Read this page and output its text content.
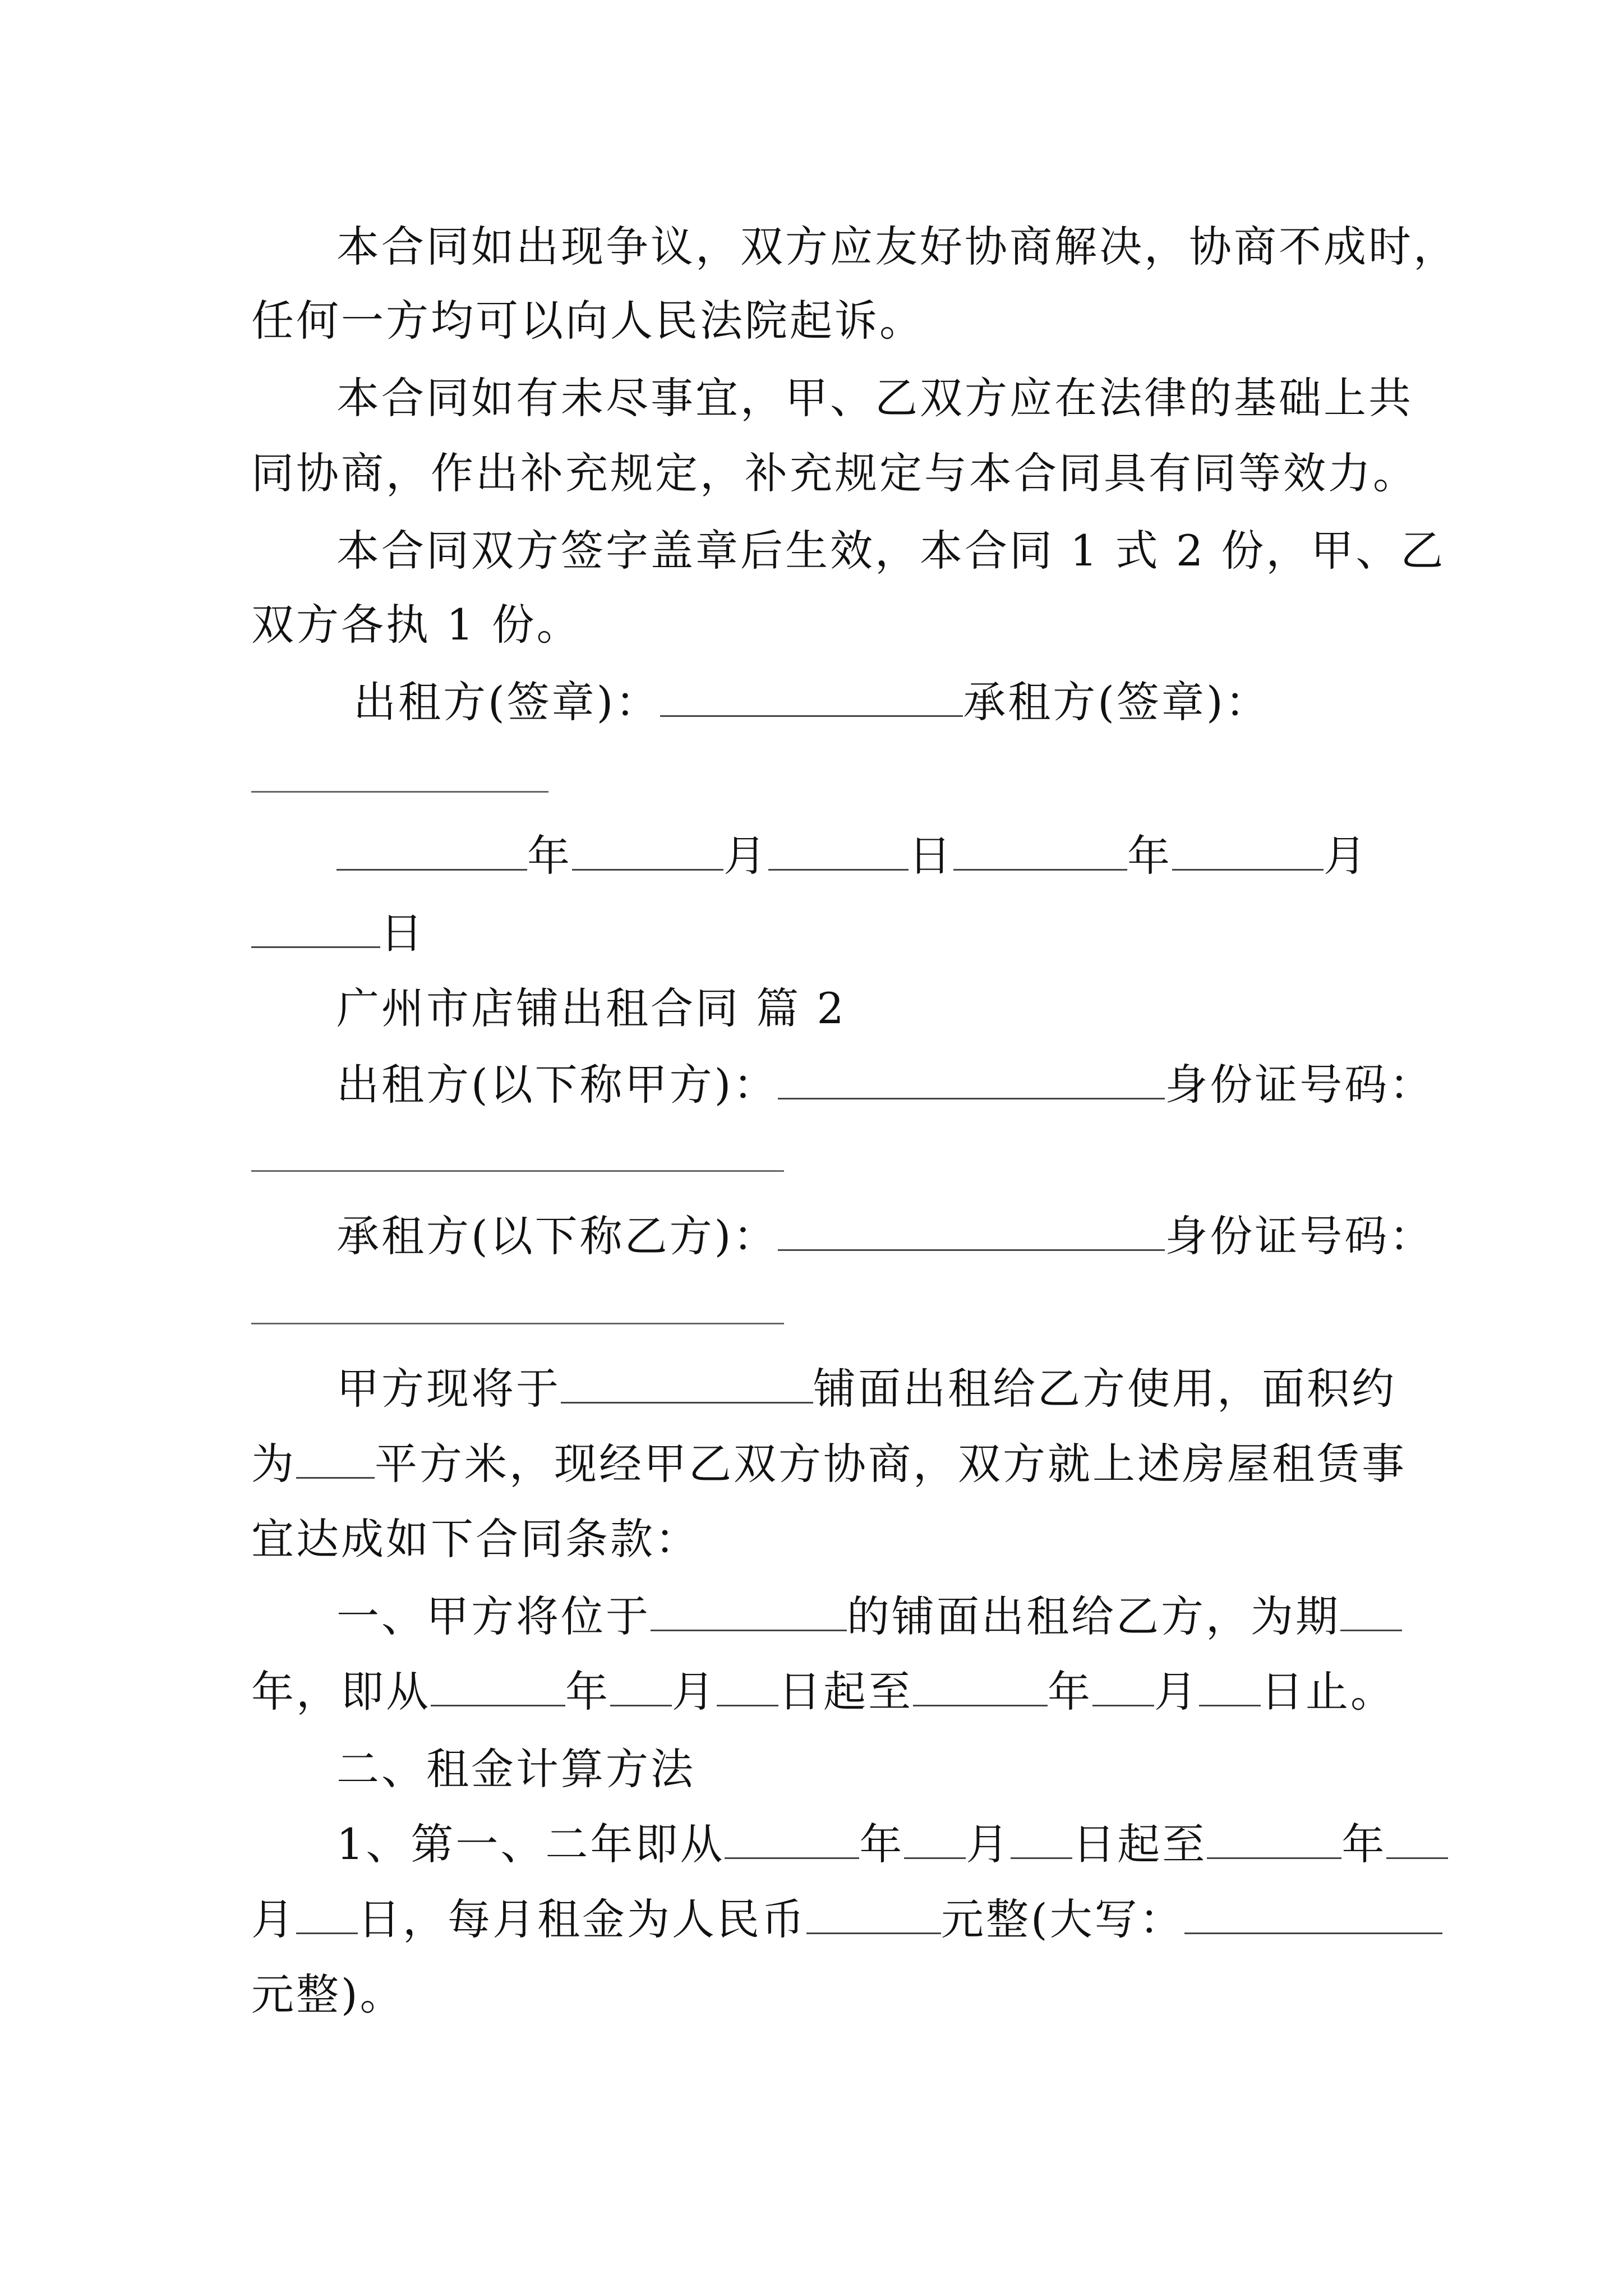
本合同如出现争议，双方应友好协商解决，协商不成时，
任何一方均可以向人民法院起诉。
本合同如有未尽事宜，甲、乙双方应在法律的基础上共
同协商，作出补充规定，补充规定与本合同具有同等效力。
本合同双方签字盖章后生效，本合同 1 式 2 份，甲、乙
双方各执 1 份。
出租方(签章)：	承租方(签章)：
年	月	日	年	月
日
广州市店铺出租合同 篇 2
出租方(以下称甲方)：	身份证号码：
承租方(以下称乙方)：	身份证号码：
甲方现将于	铺面出租给乙方使用，面积约
为 平方米，现经甲乙双方协商，双方就上述房屋租赁事
宜达成如下合同条款：
一、甲方将位于	的铺面出租给乙方，为期
年，即从	年 月 日起至	年 月 日止。
二、租金计算方法
1、第一、二年即从	年 月 日起至	年
月 日，每月租金为人民币	元整(大写：
元整)。
